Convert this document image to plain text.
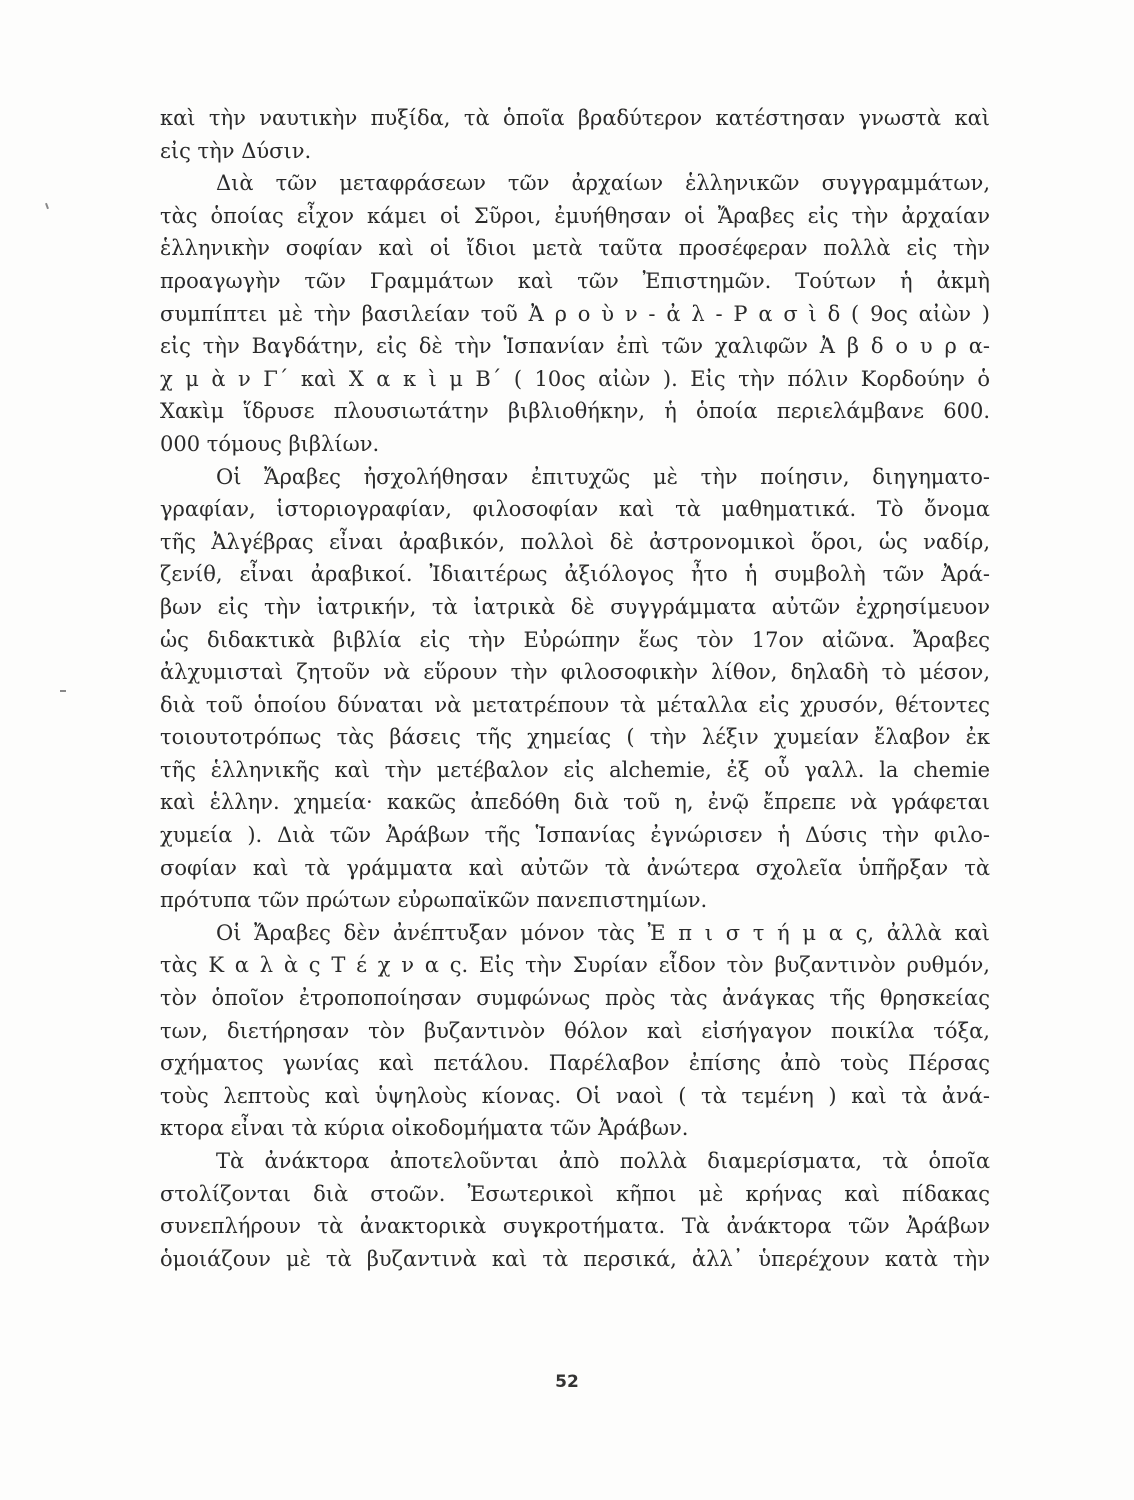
καὶ τὴν ναυτικὴν πυξίδα, τὰ ὁποῖα βραδύτερον κατέστησαν γνωστὰ καὶ
εἰς τὴν Δύσιν.
Διὰ τῶν μεταφράσεων τῶν ἀρχαίων ἑλληνικῶν συγγραμμάτων,
τὰς ὁποίας εἶχον κάμει οἱ Σῦροι, ἐμυήθησαν οἱ Ἄραβες εἰς τὴν ἀρχαίαν
ἑλληνικὴν σοφίαν καὶ οἱ ἴδιοι μετὰ ταῦτα προσέφεραν πολλὰ εἰς τὴν
προαγωγὴν τῶν Γραμμάτων καὶ τῶν Ἐπιστημῶν. Τούτων ἡ ἀκμὴ
συμπίπτει μὲ τὴν βασιλείαν τοῦ Ἀ ρ ο ὺ ν - ἀ λ - Ρ α σ ὶ δ ( 9ος αἰὼν )
εἰς τὴν Βαγδάτην, εἰς δὲ τὴν Ἱσπανίαν ἐπὶ τῶν χαλιφῶν Ἀ β δ ο υ ρ α-
χ μ ὰ ν Γ΄ καὶ Χ α κ ὶ μ Β΄ ( 10ος αἰὼν ). Εἰς τὴν πόλιν Κορδούην ὁ
Χακὶμ ἵδρυσε πλουσιωτάτην βιβλιοθήκην, ἡ ὁποία περιελάμβανε 600.
000 τόμους βιβλίων.
Οἱ Ἄραβες ἠσχολήθησαν ἐπιτυχῶς μὲ τὴν ποίησιν, διηγηματο-
γραφίαν, ἱστοριογραφίαν, φιλοσοφίαν καὶ τὰ μαθηματικά. Τὸ ὄνομα
τῆς Ἀλγέβρας εἶναι ἀραβικόν, πολλοὶ δὲ ἀστρονομικοὶ ὅροι, ὡς ναδίρ,
ζενίθ, εἶναι ἀραβικοί. Ἰδιαιτέρως ἀξιόλογος ἦτο ἡ συμβολὴ τῶν Ἀρά-
βων εἰς τὴν ἰατρικήν, τὰ ἰατρικὰ δὲ συγγράμματα αὐτῶν ἐχρησίμευον
ὡς διδακτικὰ βιβλία εἰς τὴν Εὐρώπην ἕως τὸν 17ον αἰῶνα. Ἄραβες
ἀλχυμισταὶ ζητοῦν νὰ εὕρουν τὴν φιλοσοφικὴν λίθον, δηλαδὴ τὸ μέσον,
διὰ τοῦ ὁποίου δύναται νὰ μετατρέπουν τὰ μέταλλα εἰς χρυσόν, θέτοντες
τοιουτοτρόπως τὰς βάσεις τῆς χημείας ( τὴν λέξιν χυμείαν ἔλαβον ἐκ
τῆς ἑλληνικῆς καὶ τὴν μετέβαλον εἰς alchemie, ἐξ οὗ γαλλ. la chemie
καὶ ἑλλην. χημεία· κακῶς ἀπεδόθη διὰ τοῦ η, ἐνῷ ἔπρεπε νὰ γράφεται
χυμεία ). Διὰ τῶν Ἀράβων τῆς Ἱσπανίας ἐγνώρισεν ἡ Δύσις τὴν φιλο-
σοφίαν καὶ τὰ γράμματα καὶ αὐτῶν τὰ ἀνώτερα σχολεῖα ὑπῆρξαν τὰ
πρότυπα τῶν πρώτων εὐρωπαϊκῶν πανεπιστημίων.
Οἱ Ἄραβες δὲν ἀνέπτυξαν μόνον τὰς Ἐ π ι σ τ ή μ α ς, ἀλλὰ καὶ
τὰς Κ α λ ὰ ς Τ έ χ ν α ς. Εἰς τὴν Συρίαν εἶδον τὸν βυζαντινὸν ρυθμόν,
τὸν ὁποῖον ἐτροποποίησαν συμφώνως πρὸς τὰς ἀνάγκας τῆς θρησκείας
των, διετήρησαν τὸν βυζαντινὸν θόλον καὶ εἰσήγαγον ποικίλα τόξα,
σχήματος γωνίας καὶ πετάλου. Παρέλαβον ἐπίσης ἀπὸ τοὺς Πέρσας
τοὺς λεπτοὺς καὶ ὑψηλοὺς κίονας. Οἱ ναοὶ ( τὰ τεμένη ) καὶ τὰ ἀνά-
κτορα εἶναι τὰ κύρια οἰκοδομήματα τῶν Ἀράβων.
Τὰ ἀνάκτορα ἀποτελοῦνται ἀπὸ πολλὰ διαμερίσματα, τὰ ὁποῖα
στολίζονται διὰ στοῶν. Ἐσωτερικοὶ κῆποι μὲ κρήνας καὶ πίδακας
συνεπλήρουν τὰ ἀνακτορικὰ συγκροτήματα. Τὰ ἀνάκτορα τῶν Ἀράβων
ὁμοιάζουν μὲ τὰ βυζαντινὰ καὶ τὰ περσικά, ἀλλ᾽ ὑπερέχουν κατὰ τὴν
52
